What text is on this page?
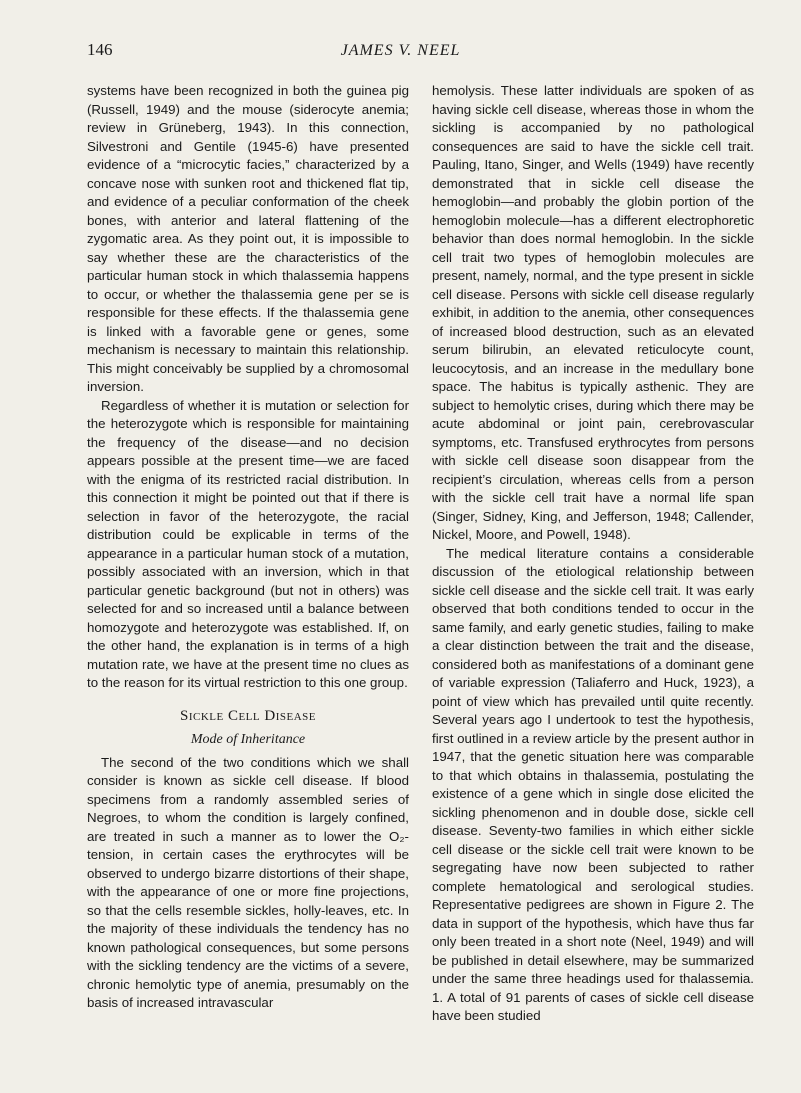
146	JAMES V. NEEL

systems have been recognized in both the guinea pig (Russell, 1949) and the mouse (siderocyte anemia; review in Grüneberg, 1943). In this connection, Silvestroni and Gentile (1945-6) have presented evidence of a “microcytic facies,” characterized by a concave nose with sunken root and thickened flat tip, and evidence of a peculiar conformation of the cheek bones, with anterior and lateral flattening of the zygomatic area. As they point out, it is impossible to say whether these are the characteristics of the particular human stock in which thalassemia happens to occur, or whether the thalassemia gene per se is responsible for these effects. If the thalassemia gene is linked with a favorable gene or genes, some mechanism is necessary to maintain this relationship. This might conceivably be supplied by a chromosomal inversion.

Regardless of whether it is mutation or selection for the heterozygote which is responsible for maintaining the frequency of the disease—and no decision appears possible at the present time—we are faced with the enigma of its restricted racial distribution. In this connection it might be pointed out that if there is selection in favor of the heterozygote, the racial distribution could be explicable in terms of the appearance in a particular human stock of a mutation, possibly associated with an inversion, which in that particular genetic background (but not in others) was selected for and so increased until a balance between homozygote and heterozygote was established. If, on the other hand, the explanation is in terms of a high mutation rate, we have at the present time no clues as to the reason for its virtual restriction to this one group.

Sickle Cell Disease
Mode of Inheritance

The second of the two conditions which we shall consider is known as sickle cell disease. If blood specimens from a randomly assembled series of Negroes, to whom the condition is largely confined, are treated in such a manner as to lower the O₂-tension, in certain cases the erythrocytes will be observed to undergo bizarre distortions of their shape, with the appearance of one or more fine projections, so that the cells resemble sickles, holly-leaves, etc. In the majority of these individuals the tendency has no known pathological consequences, but some persons with the sickling tendency are the victims of a severe, chronic hemolytic type of anemia, presumably on the basis of increased intravascular

hemolysis. These latter individuals are spoken of as having sickle cell disease, whereas those in whom the sickling is accompanied by no pathological consequences are said to have the sickle cell trait. Pauling, Itano, Singer, and Wells (1949) have recently demonstrated that in sickle cell disease the hemoglobin—and probably the globin portion of the hemoglobin molecule—has a different electrophoretic behavior than does normal hemoglobin. In the sickle cell trait two types of hemoglobin molecules are present, namely, normal, and the type present in sickle cell disease. Persons with sickle cell disease regularly exhibit, in addition to the anemia, other consequences of increased blood destruction, such as an elevated serum bilirubin, an elevated reticulocyte count, leucocytosis, and an increase in the medullary bone space. The habitus is typically asthenic. They are subject to hemolytic crises, during which there may be acute abdominal or joint pain, cerebrovascular symptoms, etc. Transfused erythrocytes from persons with sickle cell disease soon disappear from the recipient’s circulation, whereas cells from a person with the sickle cell trait have a normal life span (Singer, Sidney, King, and Jefferson, 1948; Callender, Nickel, Moore, and Powell, 1948).

The medical literature contains a considerable discussion of the etiological relationship between sickle cell disease and the sickle cell trait. It was early observed that both conditions tended to occur in the same family, and early genetic studies, failing to make a clear distinction between the trait and the disease, considered both as manifestations of a dominant gene of variable expression (Taliaferro and Huck, 1923), a point of view which has prevailed until quite recently. Several years ago I undertook to test the hypothesis, first outlined in a review article by the present author in 1947, that the genetic situation here was comparable to that which obtains in thalassemia, postulating the existence of a gene which in single dose elicited the sickling phenomenon and in double dose, sickle cell disease. Seventy-two families in which either sickle cell disease or the sickle cell trait were known to be segregating have now been subjected to rather complete hematological and serological studies. Representative pedigrees are shown in Figure 2. The data in support of the hypothesis, which have thus far only been treated in a short note (Neel, 1949) and will be published in detail elsewhere, may be summarized under the same three headings used for thalassemia. 1. A total of 91 parents of cases of sickle cell disease have been studied
